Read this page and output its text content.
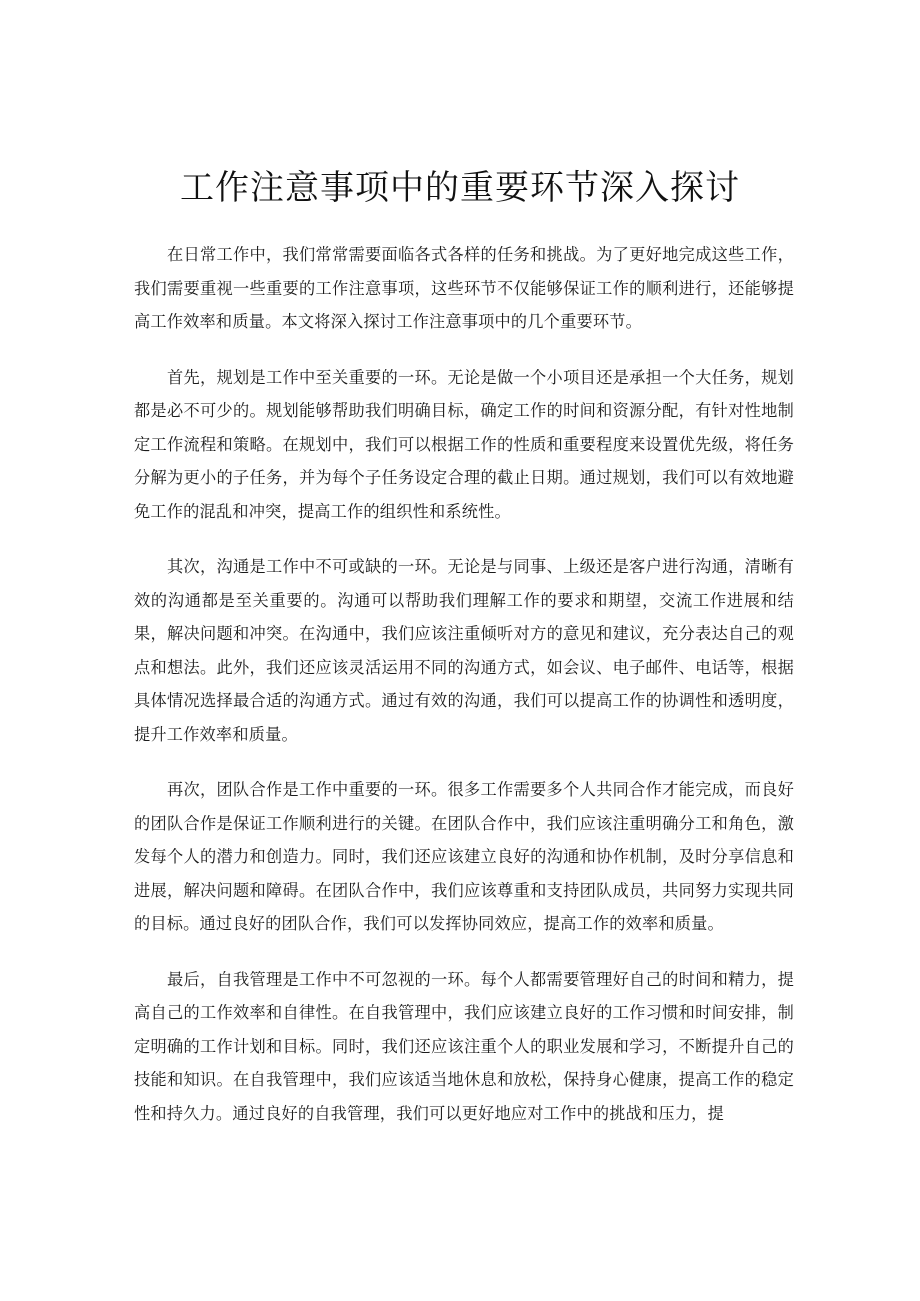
工作注意事项中的重要环节深入探讨

在日常工作中，我们常常需要面临各式各样的任务和挑战。为了更好地完成这些工作，我们需要重视一些重要的工作注意事项，这些环节不仅能够保证工作的顺利进行，还能够提高工作效率和质量。本文将深入探讨工作注意事项中的几个重要环节。

首先，规划是工作中至关重要的一环。无论是做一个小项目还是承担一个大任务，规划都是必不可少的。规划能够帮助我们明确目标，确定工作的时间和资源分配，有针对性地制定工作流程和策略。在规划中，我们可以根据工作的性质和重要程度来设置优先级，将任务分解为更小的子任务，并为每个子任务设定合理的截止日期。通过规划，我们可以有效地避免工作的混乱和冲突，提高工作的组织性和系统性。

其次，沟通是工作中不可或缺的一环。无论是与同事、上级还是客户进行沟通，清晰有效的沟通都是至关重要的。沟通可以帮助我们理解工作的要求和期望，交流工作进展和结果，解决问题和冲突。在沟通中，我们应该注重倾听对方的意见和建议，充分表达自己的观点和想法。此外，我们还应该灵活运用不同的沟通方式，如会议、电子邮件、电话等，根据具体情况选择最合适的沟通方式。通过有效的沟通，我们可以提高工作的协调性和透明度，提升工作效率和质量。

再次，团队合作是工作中重要的一环。很多工作需要多个人共同合作才能完成，而良好的团队合作是保证工作顺利进行的关键。在团队合作中，我们应该注重明确分工和角色，激发每个人的潜力和创造力。同时，我们还应该建立良好的沟通和协作机制，及时分享信息和进展，解决问题和障碍。在团队合作中，我们应该尊重和支持团队成员，共同努力实现共同的目标。通过良好的团队合作，我们可以发挥协同效应，提高工作的效率和质量。

最后，自我管理是工作中不可忽视的一环。每个人都需要管理好自己的时间和精力，提高自己的工作效率和自律性。在自我管理中，我们应该建立良好的工作习惯和时间安排，制定明确的工作计划和目标。同时，我们还应该注重个人的职业发展和学习，不断提升自己的技能和知识。在自我管理中，我们应该适当地休息和放松，保持身心健康，提高工作的稳定性和持久力。通过良好的自我管理，我们可以更好地应对工作中的挑战和压力，提
